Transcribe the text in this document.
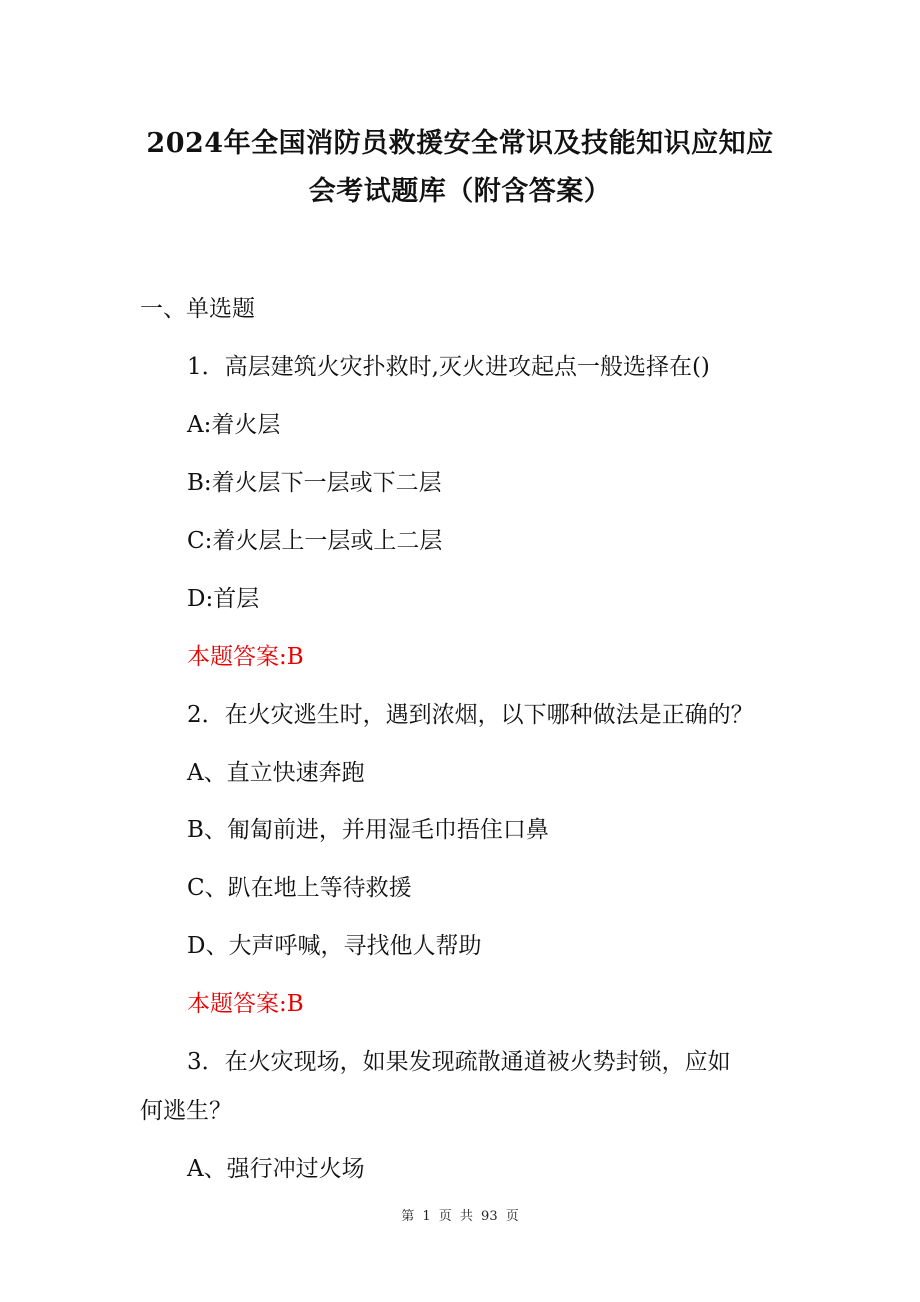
2024年全国消防员救援安全常识及技能知识应知应
会考试题库（附含答案）
一、单选题
1．高层建筑火灾扑救时,灭火进攻起点一般选择在()
A:着火层
B:着火层下一层或下二层
C:着火层上一层或上二层
D:首层
本题答案:B
2．在火灾逃生时，遇到浓烟，以下哪种做法是正确的？
A、直立快速奔跑
B、匍匐前进，并用湿毛巾捂住口鼻
C、趴在地上等待救援
D、大声呼喊，寻找他人帮助
本题答案:B
3．在火灾现场，如果发现疏散通道被火势封锁，应如
何逃生？
A、强行冲过火场
第 1 页 共 93 页
